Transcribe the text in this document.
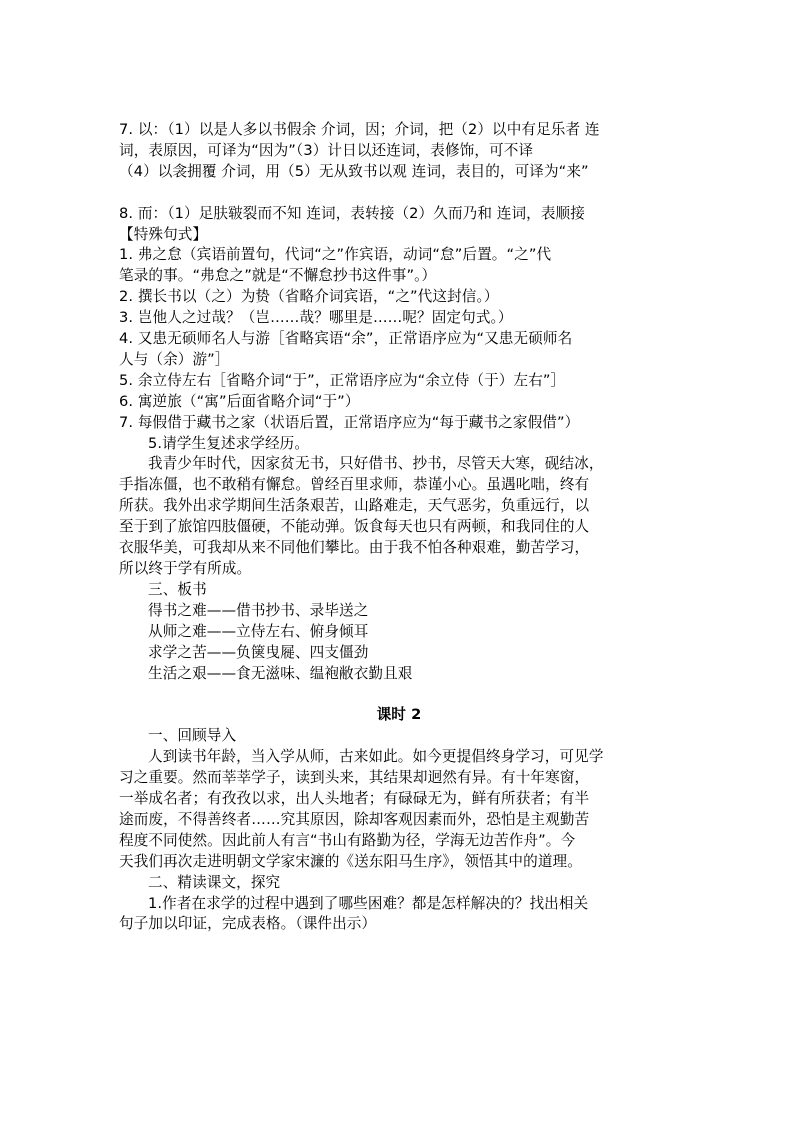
7. 以：（1）以是人多以书假余 介词，因；介词，把（2）以中有足乐者 连

词，表原因，可译为“因为”（3）计日以还连词，表修饰，可不译

（4）以衾拥覆 介词，用（5）无从致书以观 连词，表目的，可译为“来”

8. 而：（1）足肤皲裂而不知 连词，表转接（2）久而乃和 连词，表顺接

【特殊句式】

1. 弗之怠（宾语前置句，代词“之”作宾语，动词“怠”后置。“之”代

笔录的事。“弗怠之”就是“不懈怠抄书这件事”。）

2. 撰长书以（之）为贽（省略介词宾语，“之”代这封信。）

3. 岂他人之过哉？（岂……哉？哪里是……呢？固定句式。）

4. 又患无硕师名人与游［省略宾语“余”，正常语序应为“又患无硕师名

人与（余）游”］

5. 余立侍左右［省略介词“于”，正常语序应为“余立侍（于）左右”］

6. 寓逆旅（“寓”后面省略介词“于”）

7. 每假借于藏书之家（状语后置，正常语序应为“每于藏书之家假借”）

5.请学生复述求学经历。

我青少年时代，因家贫无书，只好借书、抄书，尽管天大寒，砚结冰，

手指冻僵，也不敢稍有懈怠。曾经百里求师，恭谨小心。虽遇叱咄，终有

所获。我外出求学期间生活条艰苦，山路难走，天气恶劣，负重远行，以

至于到了旅馆四肢僵硬，不能动弹。饭食每天也只有两顿，和我同住的人

衣服华美，可我却从来不同他们攀比。由于我不怕各种艰难，勤苦学习，

所以终于学有所成。

三、板书

得书之难——借书抄书、录毕送之

从师之难——立侍左右、俯身倾耳

求学之苦——负箧曳屣、四支僵劲

生活之艰——食无滋味、缊袍敝衣勤且艰

课时 2

一、回顾导入

人到读书年龄，当入学从师，古来如此。如今更提倡终身学习，可见学

习之重要。然而莘莘学子，读到头来，其结果却迥然有异。有十年寒窗，

一举成名者；有孜孜以求，出人头地者；有碌碌无为，鲜有所获者；有半

途而废，不得善终者……究其原因，除却客观因素而外，恐怕是主观勤苦

程度不同使然。因此前人有言“书山有路勤为径，学海无边苦作舟”。今

天我们再次走进明朝文学家宋濂的《送东阳马生序》，领悟其中的道理。

二、精读课文，探究

1.作者在求学的过程中遇到了哪些困难？都是怎样解决的？找出相关

句子加以印证，完成表格。（课件出示）
